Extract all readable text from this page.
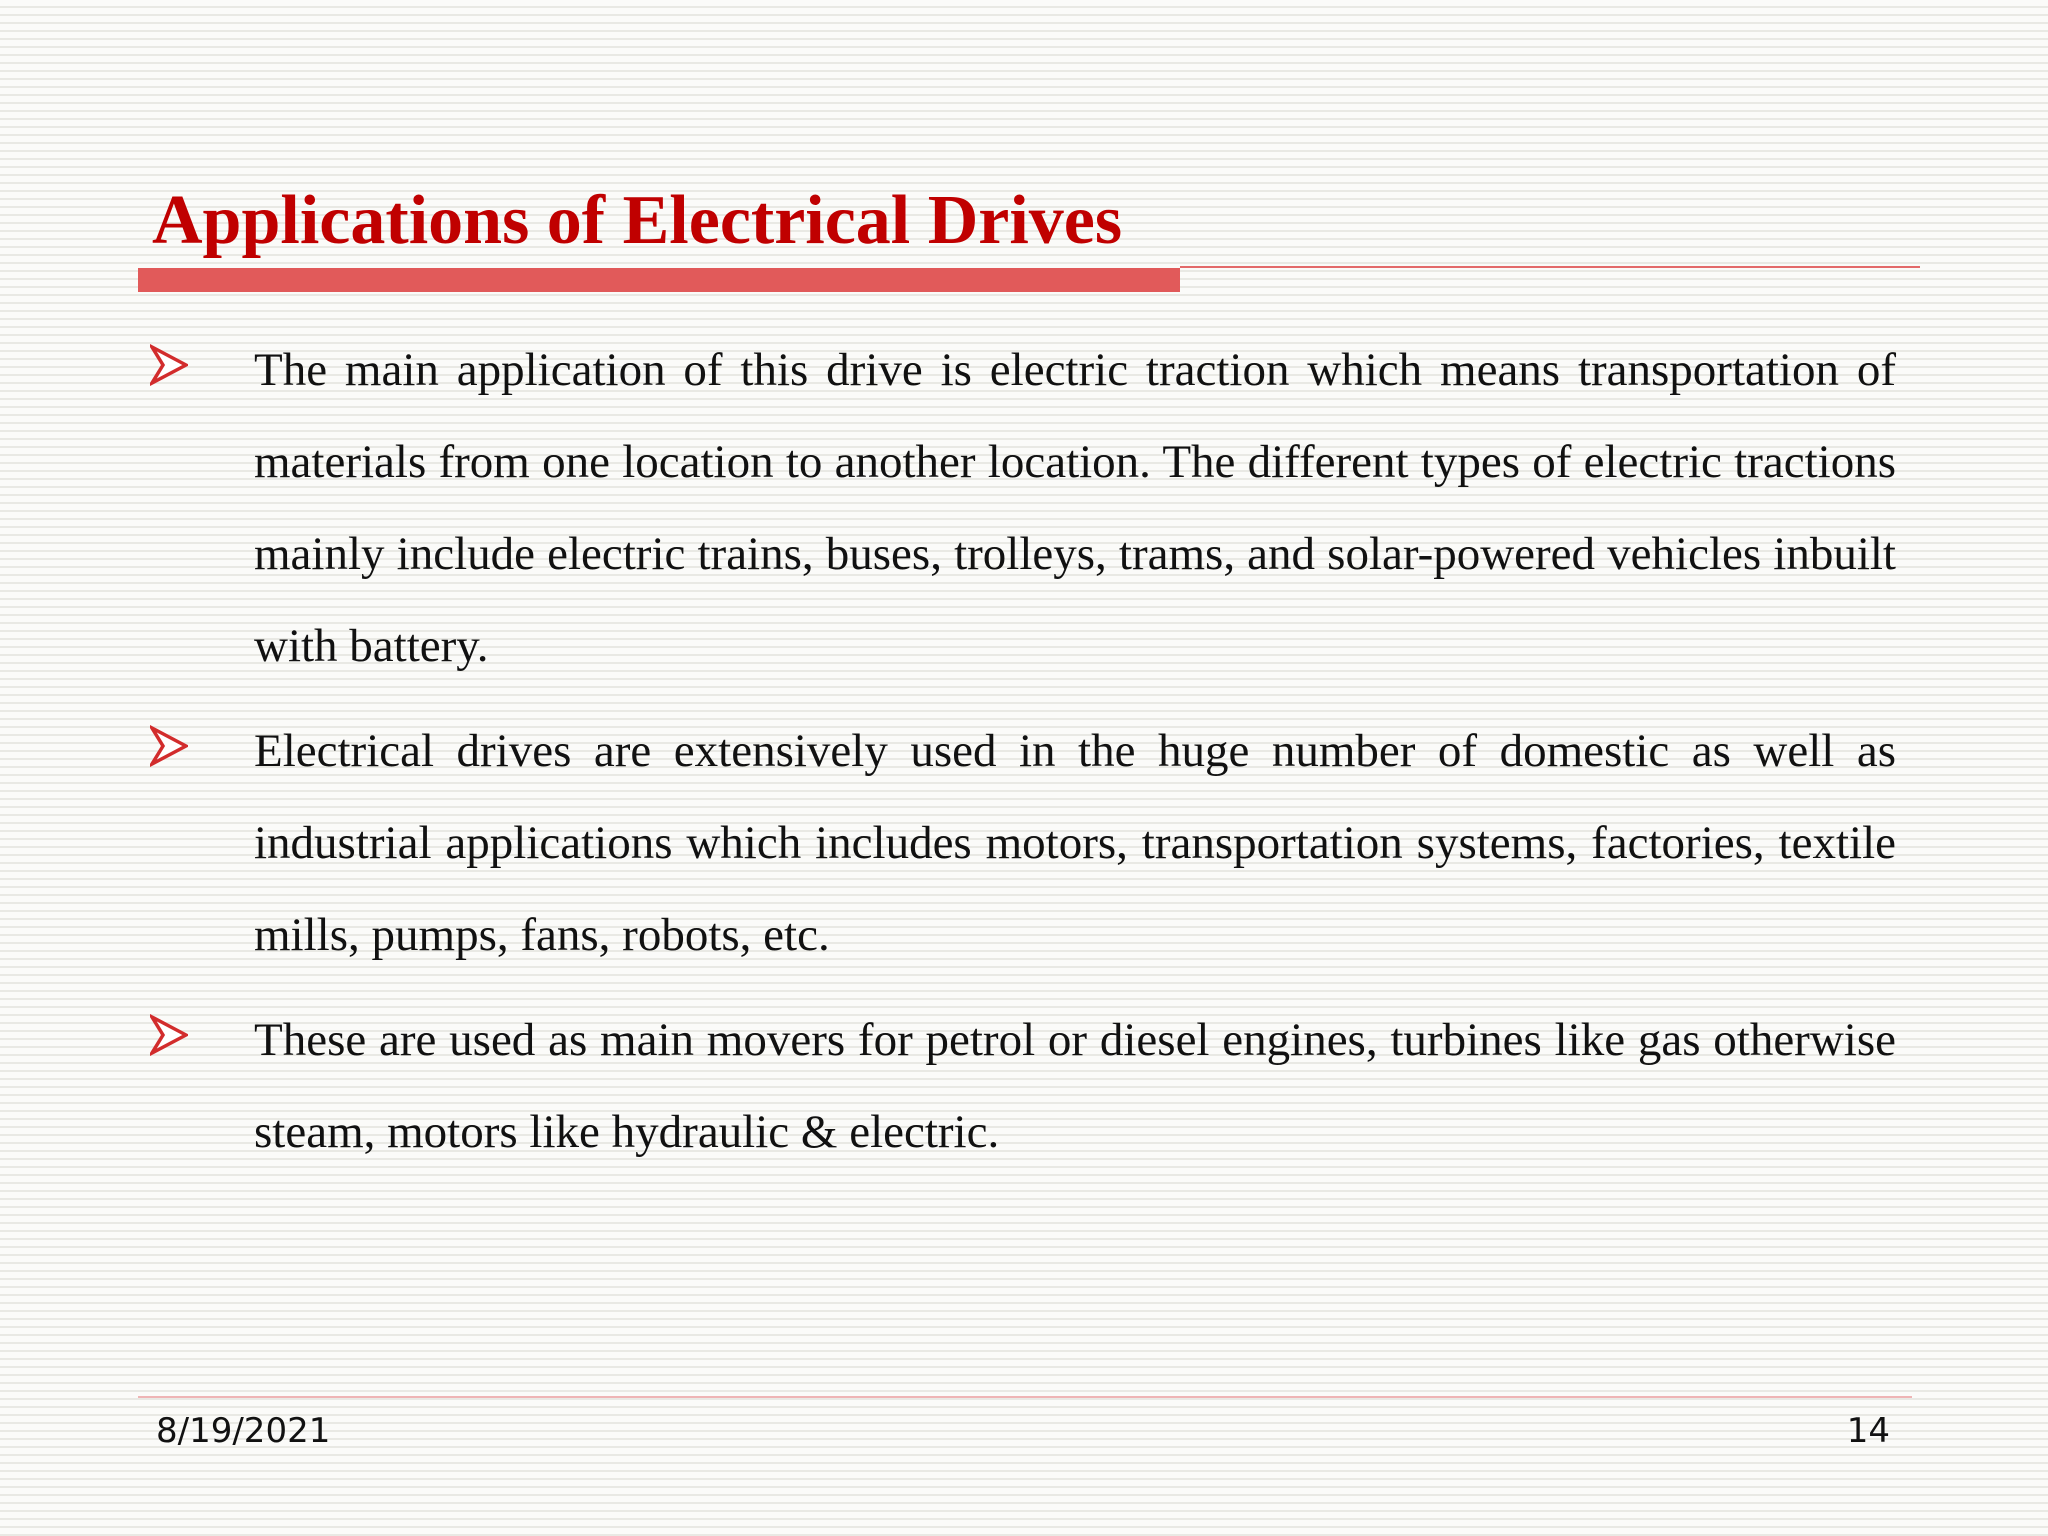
Applications of Electrical Drives

The main application of this drive is electric traction which means transportation of materials from one location to another location. The different types of electric tractions mainly include electric trains, buses, trolleys, trams, and solar-powered vehicles inbuilt with battery.

Electrical drives are extensively used in the huge number of domestic as well as industrial applications which includes motors, transportation systems, factories, textile mills, pumps, fans, robots, etc.

These are used as main movers for petrol or diesel engines, turbines like gas otherwise steam, motors like hydraulic & electric.

8/19/2021	14
